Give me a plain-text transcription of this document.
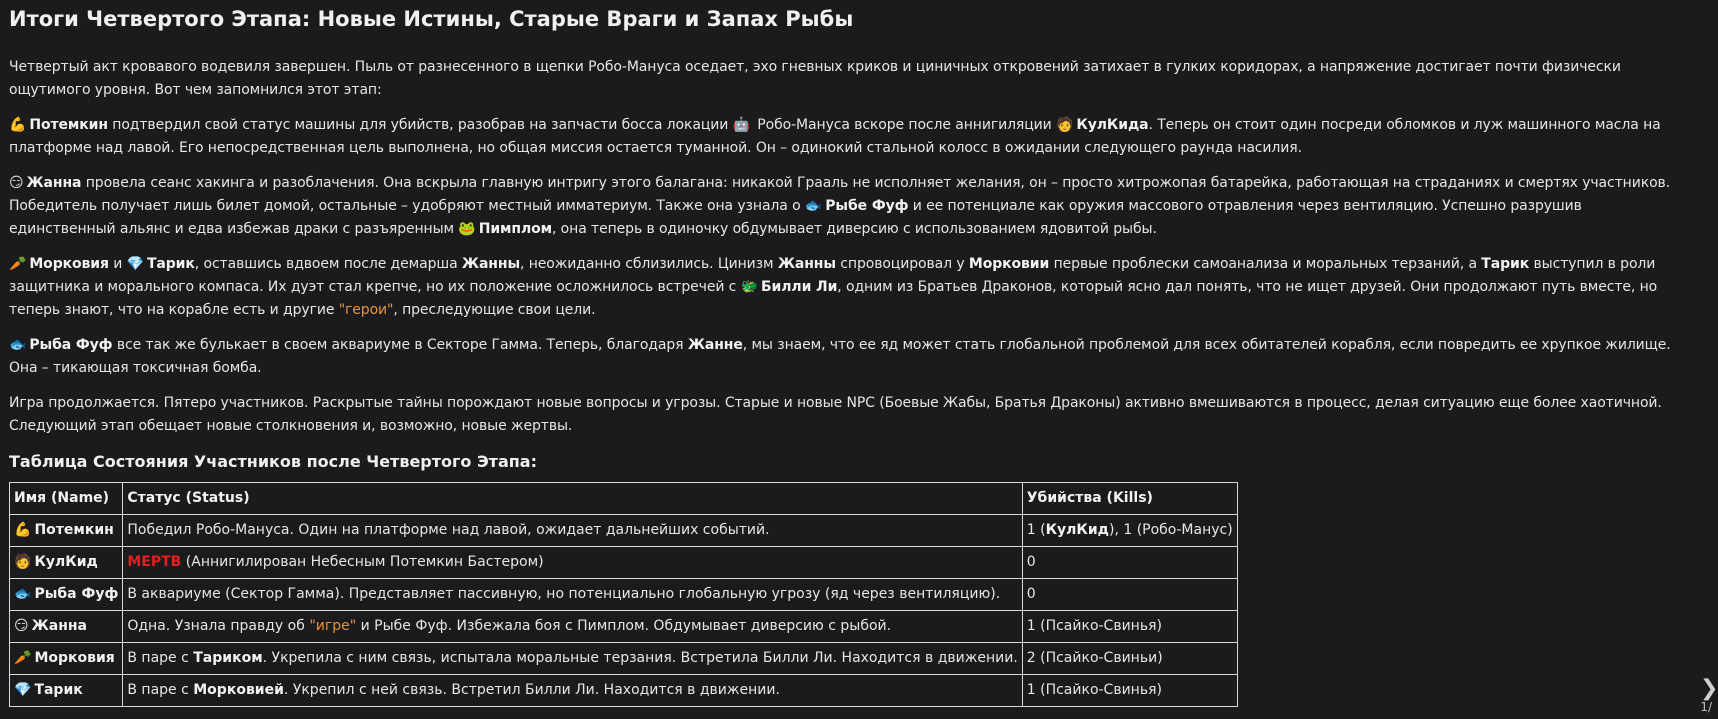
Итоги Четвертого Этапа: Новые Истины, Старые Враги и Запах Рыбы

Четвертый акт кровавого водевиля завершен. Пыль от разнесенного в щепки Робо-Мануса оседает, эхо гневных криков и циничных откровений затихает в гулких коридорах, а напряжение достигает почти физически ощутимого уровня. Вот чем запомнился этот этап:

💪 Потемкин подтвердил свой статус машины для убийств, разобрав на запчасти босса локации 🤖 Робо-Мануса вскоре после аннигиляции 🧑 КулКида. Теперь он стоит один посреди обломков и луж машинного масла на платформе над лавой. Его непосредственная цель выполнена, но общая миссия остается туманной. Он – одинокий стальной колосс в ожидании следующего раунда насилия.

😏 Жанна провела сеанс хакинга и разоблачения. Она вскрыла главную интригу этого балагана: никакой Грааль не исполняет желания, он – просто хитрожопая батарейка, работающая на страданиях и смертях участников. Победитель получает лишь билет домой, остальные – удобряют местный имматериум. Также она узнала о 🐟 Рыбе Фуф и ее потенциале как оружия массового отравления через вентиляцию. Успешно разрушив единственный альянс и едва избежав драки с разъяренным 🐸 Пимплом, она теперь в одиночку обдумывает диверсию с использованием ядовитой рыбы.

🥕 Морковия и 💎 Тарик, оставшись вдвоем после демарша Жанны, неожиданно сблизились. Цинизм Жанны спровоцировал у Морковии первые проблески самоанализа и моральных терзаний, а Тарик выступил в роли защитника и морального компаса. Их дуэт стал крепче, но их положение осложнилось встречей с 🐲 Билли Ли, одним из Братьев Драконов, который ясно дал понять, что не ищет друзей. Они продолжают путь вместе, но теперь знают, что на корабле есть и другие "герои", преследующие свои цели.

🐟 Рыба Фуф все так же булькает в своем аквариуме в Секторе Гамма. Теперь, благодаря Жанне, мы знаем, что ее яд может стать глобальной проблемой для всех обитателей корабля, если повредить ее хрупкое жилище. Она – тикающая токсичная бомба.

Игра продолжается. Пятеро участников. Раскрытые тайны порождают новые вопросы и угрозы. Старые и новые NPC (Боевые Жабы, Братья Драконы) активно вмешиваются в процесс, делая ситуацию еще более хаотичной. Следующий этап обещает новые столкновения и, возможно, новые жертвы.

Таблица Состояния Участников после Четвертого Этапа:
Имя (Name)	Статус (Status)	Убийства (Kills)
💪 Потемкин	Победил Робо-Мануса. Один на платформе над лавой, ожидает дальнейших событий.	1 (КулКид), 1 (Робо-Манус)
🧑 КулКид	МЕРТВ (Аннигилирован Небесным Потемкин Бастером)	0
🐟 Рыба Фуф	В аквариуме (Сектор Гамма). Представляет пассивную, но потенциально глобальную угрозу (яд через вентиляцию).	0
😏 Жанна	Одна. Узнала правду об "игре" и Рыбе Фуф. Избежала боя с Пимплом. Обдумывает диверсию с рыбой.	1 (Псайко-Свинья)
🥕 Морковия	В паре с Тариком. Укрепила с ним связь, испытала моральные терзания. Встретила Билли Ли. Находится в движении.	2 (Псайко-Свиньи)
💎 Тарик	В паре с Морковией. Укрепил с ней связь. Встретил Билли Ли. Находится в движении.	1 (Псайко-Свинья)	❯
1/
